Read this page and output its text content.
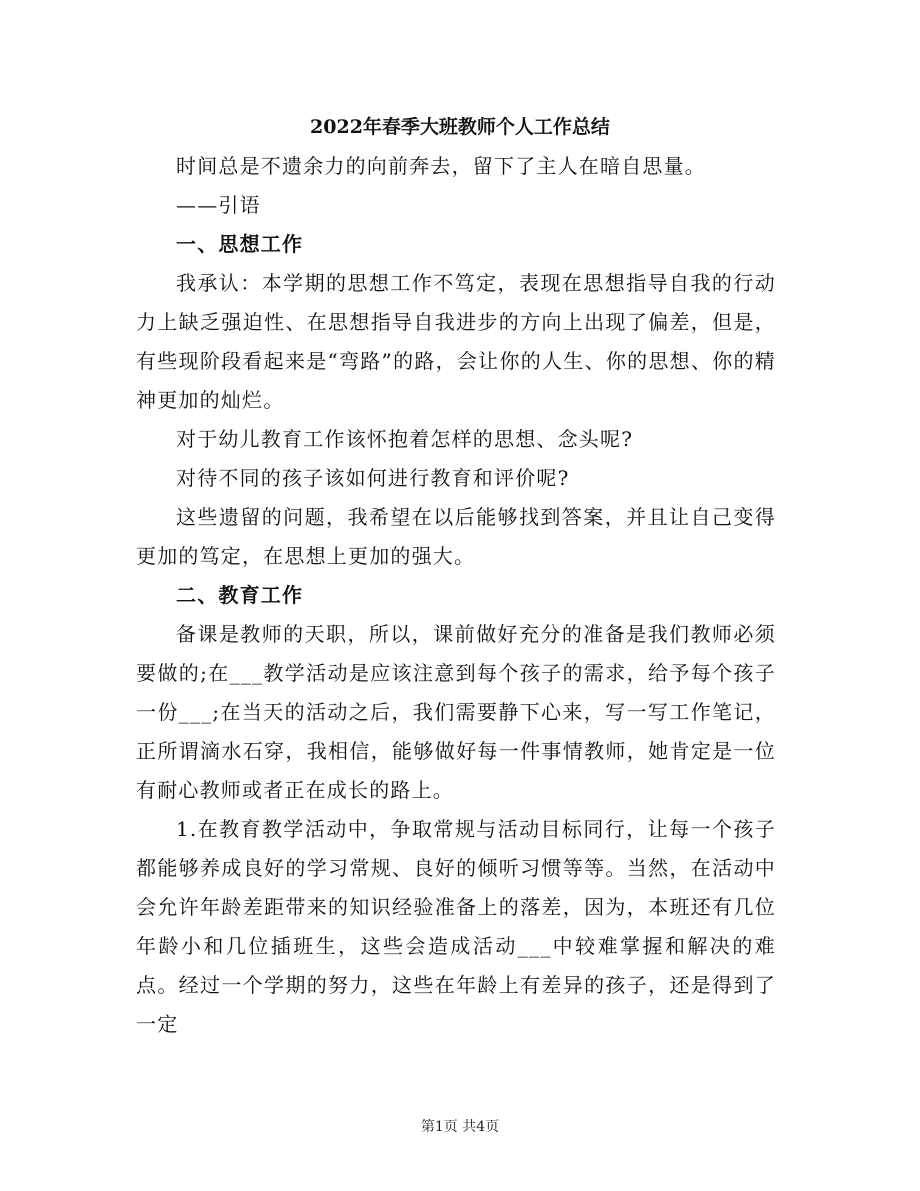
2022年春季大班教师个人工作总结

时间总是不遗余力的向前奔去，留下了主人在暗自思量。

——引语

一、思想工作

我承认：本学期的思想工作不笃定，表现在思想指导自我的行动力上缺乏强迫性、在思想指导自我进步的方向上出现了偏差，但是，有些现阶段看起来是“弯路”的路，会让你的人生、你的思想、你的精神更加的灿烂。

对于幼儿教育工作该怀抱着怎样的思想、念头呢?

对待不同的孩子该如何进行教育和评价呢?

这些遗留的问题，我希望在以后能够找到答案，并且让自己变得更加的笃定，在思想上更加的强大。

二、教育工作

备课是教师的天职，所以，课前做好充分的准备是我们教师必须要做的;在___教学活动是应该注意到每个孩子的需求，给予每个孩子一份___;在当天的活动之后，我们需要静下心来，写一写工作笔记，正所谓滴水石穿，我相信，能够做好每一件事情教师，她肯定是一位有耐心教师或者正在成长的路上。

1.在教育教学活动中，争取常规与活动目标同行，让每一个孩子都能够养成良好的学习常规、良好的倾听习惯等等。当然，在活动中会允许年龄差距带来的知识经验准备上的落差，因为，本班还有几位年龄小和几位插班生，这些会造成活动___中较难掌握和解决的难点。经过一个学期的努力，这些在年龄上有差异的孩子，还是得到了一定

第1页 共4页
